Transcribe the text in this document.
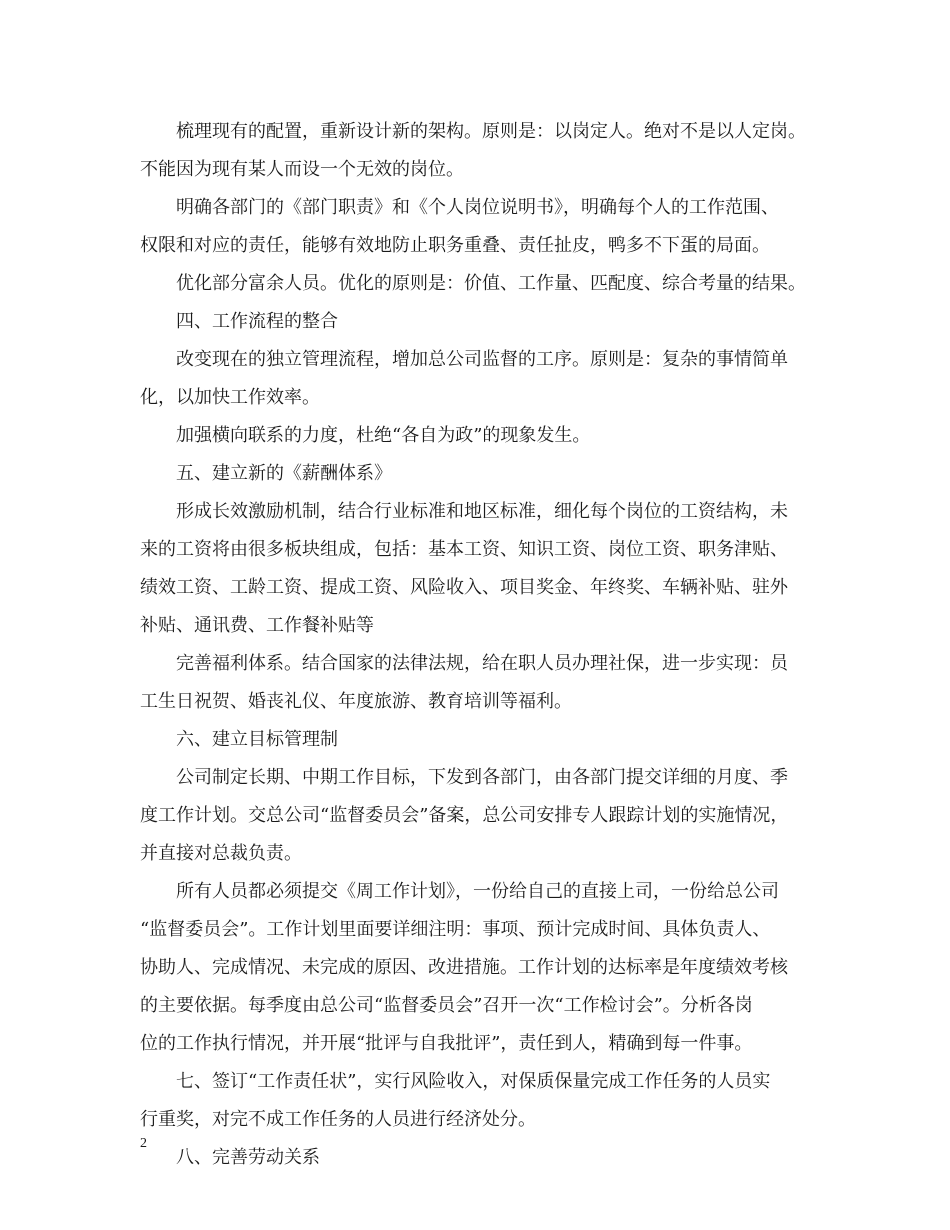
梳理现有的配置，重新设计新的架构。原则是：以岗定人。绝对不是以人定岗。
不能因为现有某人而设一个无效的岗位。
明确各部门的《部门职责》和《个人岗位说明书》，明确每个人的工作范围、
权限和对应的责任，能够有效地防止职务重叠、责任扯皮，鸭多不下蛋的局面。
优化部分富余人员。优化的原则是：价值、工作量、匹配度、综合考量的结果。
四、工作流程的整合
改变现在的独立管理流程，增加总公司监督的工序。原则是：复杂的事情简单
化，以加快工作效率。
加强横向联系的力度，杜绝“各自为政”的现象发生。
五、建立新的《薪酬体系》
形成长效激励机制，结合行业标准和地区标准，细化每个岗位的工资结构，未
来的工资将由很多板块组成，包括：基本工资、知识工资、岗位工资、职务津贴、
绩效工资、工龄工资、提成工资、风险收入、项目奖金、年终奖、车辆补贴、驻外
补贴、通讯费、工作餐补贴等
完善福利体系。结合国家的法律法规，给在职人员办理社保，进一步实现：员
工生日祝贺、婚丧礼仪、年度旅游、教育培训等福利。
六、建立目标管理制
公司制定长期、中期工作目标，下发到各部门，由各部门提交详细的月度、季
度工作计划。交总公司“监督委员会”备案，总公司安排专人跟踪计划的实施情况，
并直接对总裁负责。
所有人员都必须提交《周工作计划》，一份给自己的直接上司，一份给总公司
“监督委员会”。工作计划里面要详细注明：事项、预计完成时间、具体负责人、
协助人、完成情况、未完成的原因、改进措施。工作计划的达标率是年度绩效考核
的主要依据。每季度由总公司“监督委员会”召开一次“工作检讨会”。分析各岗
位的工作执行情况，并开展“批评与自我批评”，责任到人，精确到每一件事。
七、签订“工作责任状”，实行风险收入，对保质保量完成工作任务的人员实
行重奖，对完不成工作任务的人员进行经济处分。
八、完善劳动关系
2
